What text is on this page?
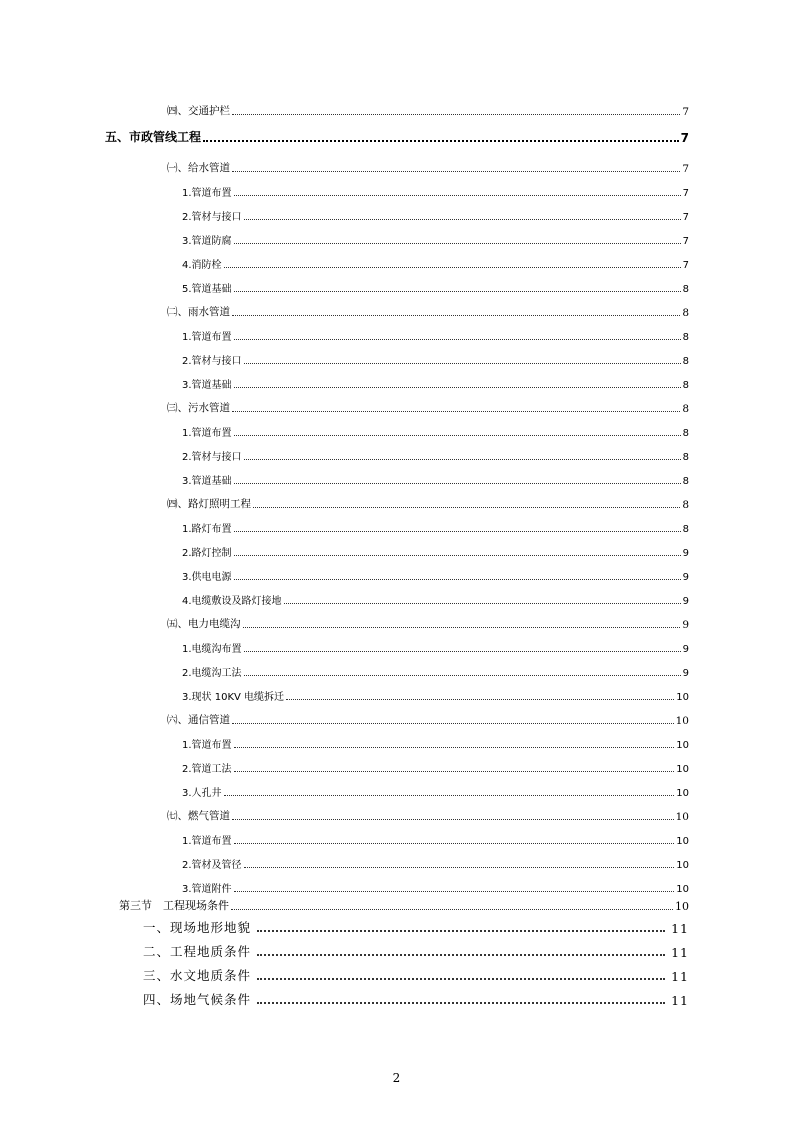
㈣、交通护栏	7
五、市政管线工程	7
㈠、给水管道	7
1.管道布置	7
2.管材与接口	7
3.管道防腐	7
4.消防栓	7
5.管道基础	8
㈡、雨水管道	8
1.管道布置	8
2.管材与接口	8
3.管道基础	8
㈢、污水管道	8
1.管道布置	8
2.管材与接口	8
3.管道基础	8
㈣、路灯照明工程	8
1.路灯布置	8
2.路灯控制	9
3.供电电源	9
4.电缆敷设及路灯接地	9
㈤、电力电缆沟	9
1.电缆沟布置	9
2.电缆沟工法	9
3.现状 10KV 电缆拆迁	10
㈥、通信管道	10
1.管道布置	10
2.管道工法	10
3.人孔井	10
㈦、燃气管道	10
1.管道布置	10
2.管材及管径	10
3.管道附件	10
第三节　工程现场条件	10
一、现场地形地貌	11
二、工程地质条件	11
三、水文地质条件	11
四、场地气候条件	11
2
